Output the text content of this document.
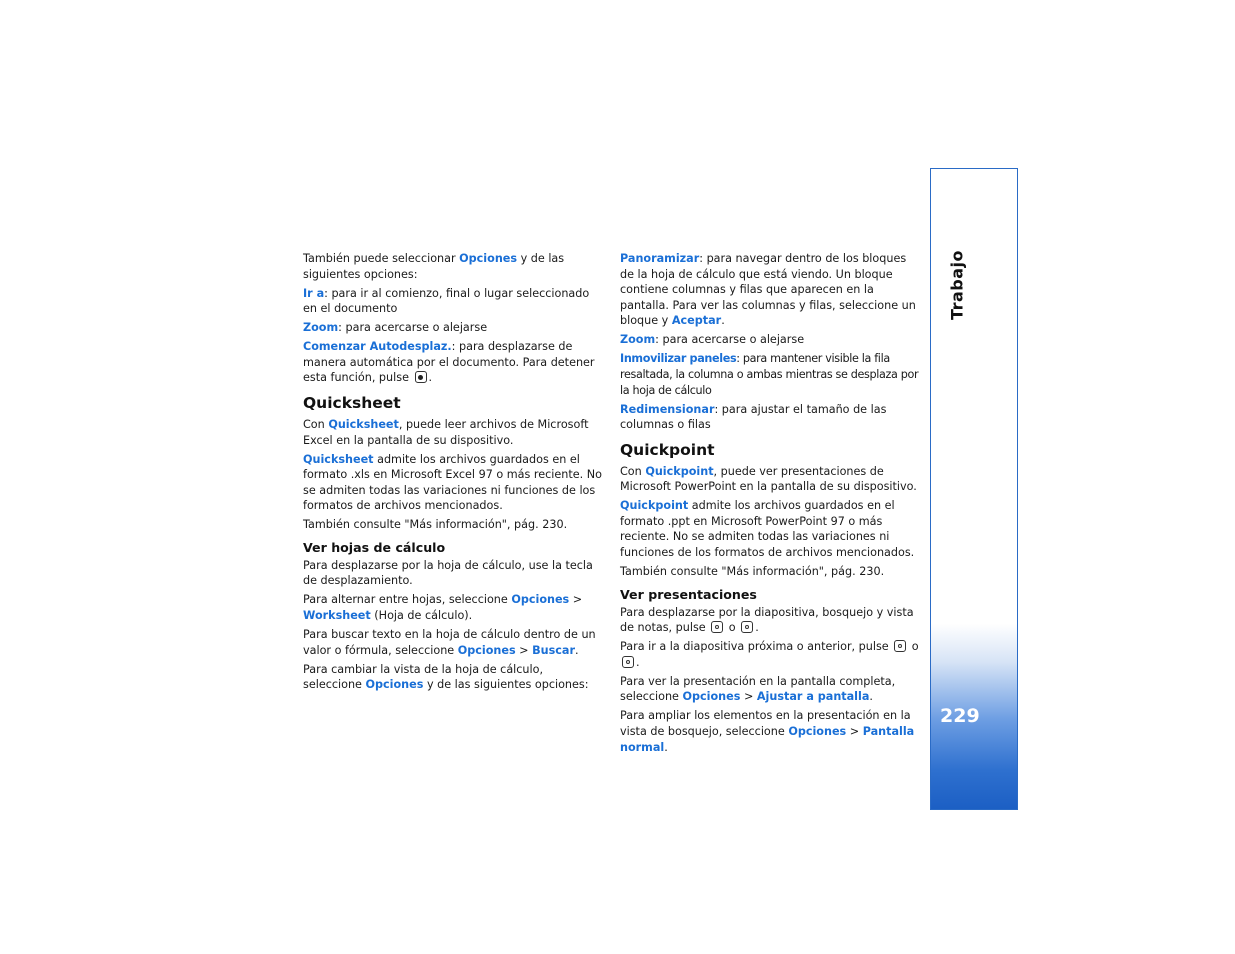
También puede seleccionar Opciones y de las siguientes opciones:

Ir a: para ir al comienzo, final o lugar seleccionado en el documento

Zoom: para acercarse o alejarse

Comenzar Autodesplaz.: para desplazarse de manera automática por el documento. Para detener esta función, pulse .

Quicksheet

Con Quicksheet, puede leer archivos de Microsoft Excel en la pantalla de su dispositivo.

Quicksheet admite los archivos guardados en el formato .xls en Microsoft Excel 97 o más reciente. No se admiten todas las variaciones ni funciones de los formatos de archivos mencionados.

También consulte "Más información", pág. 230.

Ver hojas de cálculo

Para desplazarse por la hoja de cálculo, use la tecla de desplazamiento.

Para alternar entre hojas, seleccione Opciones > Worksheet (Hoja de cálculo).

Para buscar texto en la hoja de cálculo dentro de un valor o fórmula, seleccione Opciones > Buscar.

Para cambiar la vista de la hoja de cálculo, seleccione Opciones y de las siguientes opciones:

Panoramizar: para navegar dentro de los bloques de la hoja de cálculo que está viendo. Un bloque contiene columnas y filas que aparecen en la pantalla. Para ver las columnas y filas, seleccione un bloque y Aceptar.

Zoom: para acercarse o alejarse

Inmovilizar paneles: para mantener visible la fila resaltada, la columna o ambas mientras se desplaza por la hoja de cálculo

Redimensionar: para ajustar el tamaño de las columnas o filas

Quickpoint

Con Quickpoint, puede ver presentaciones de Microsoft PowerPoint en la pantalla de su dispositivo.

Quickpoint admite los archivos guardados en el formato .ppt en Microsoft PowerPoint 97 o más reciente. No se admiten todas las variaciones ni funciones de los formatos de archivos mencionados.

También consulte "Más información", pág. 230.

Ver presentaciones

Para desplazarse por la diapositiva, bosquejo y vista de notas, pulse  o .

Para ir a la diapositiva próxima o anterior, pulse  o .

Para ver la presentación en la pantalla completa, seleccione Opciones > Ajustar a pantalla.

Para ampliar los elementos en la presentación en la vista de bosquejo, seleccione Opciones > Pantalla normal.

Trabajo
229
